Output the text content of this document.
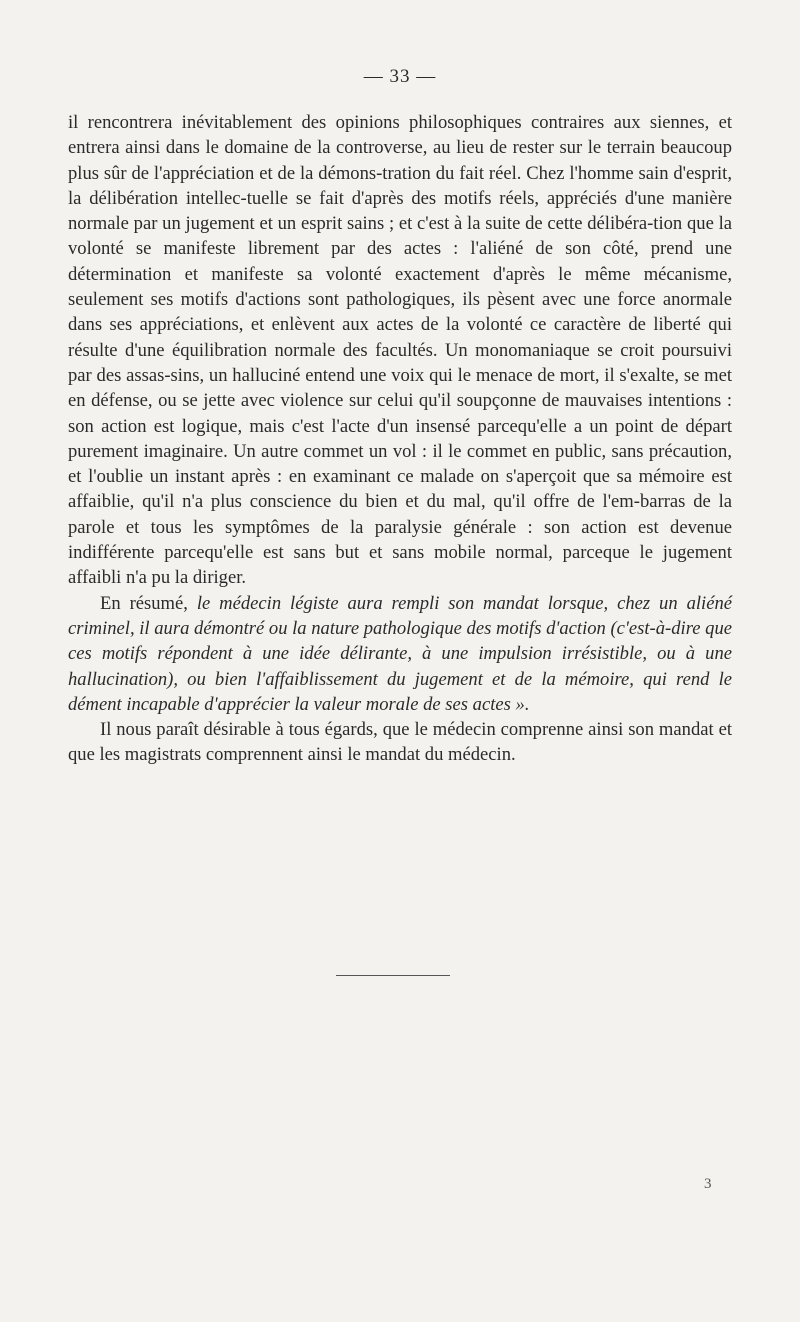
— 33 —

il rencontrera inévitablement des opinions philosophiques contraires aux siennes, et entrera ainsi dans le domaine de la controverse, au lieu de rester sur le terrain beaucoup plus sûr de l'appréciation et de la démons-tration du fait réel. Chez l'homme sain d'esprit, la délibération intellec-tuelle se fait d'après des motifs réels, appréciés d'une manière normale par un jugement et un esprit sains ; et c'est à la suite de cette délibéra-tion que la volonté se manifeste librement par des actes : l'aliéné de son côté, prend une détermination et manifeste sa volonté exactement d'après le même mécanisme, seulement ses motifs d'actions sont pathologiques, ils pèsent avec une force anormale dans ses appréciations, et enlèvent aux actes de la volonté ce caractère de liberté qui résulte d'une équilibration normale des facultés. Un monomaniaque se croit poursuivi par des assas-sins, un halluciné entend une voix qui le menace de mort, il s'exalte, se met en défense, ou se jette avec violence sur celui qu'il soupçonne de mauvaises intentions : son action est logique, mais c'est l'acte d'un insensé parcequ'elle a un point de départ purement imaginaire. Un autre commet un vol : il le commet en public, sans précaution, et l'oublie un instant après : en examinant ce malade on s'aperçoit que sa mémoire est affaiblie, qu'il n'a plus conscience du bien et du mal, qu'il offre de l'em-barras de la parole et tous les symptômes de la paralysie générale : son action est devenue indifférente parcequ'elle est sans but et sans mobile normal, parceque le jugement affaibli n'a pu la diriger.

En résumé, le médecin légiste aura rempli son mandat lorsque, chez un aliéné criminel, il aura démontré ou la nature pathologique des motifs d'action (c'est-à-dire que ces motifs répondent à une idée délirante, à une impulsion irrésistible, ou à une hallucination), ou bien l'affaiblissement du jugement et de la mémoire, qui rend le dément incapable d'apprécier la valeur morale de ses actes ».

Il nous paraît désirable à tous égards, que le médecin comprenne ainsi son mandat et que les magistrats comprennent ainsi le mandat du médecin.

3
